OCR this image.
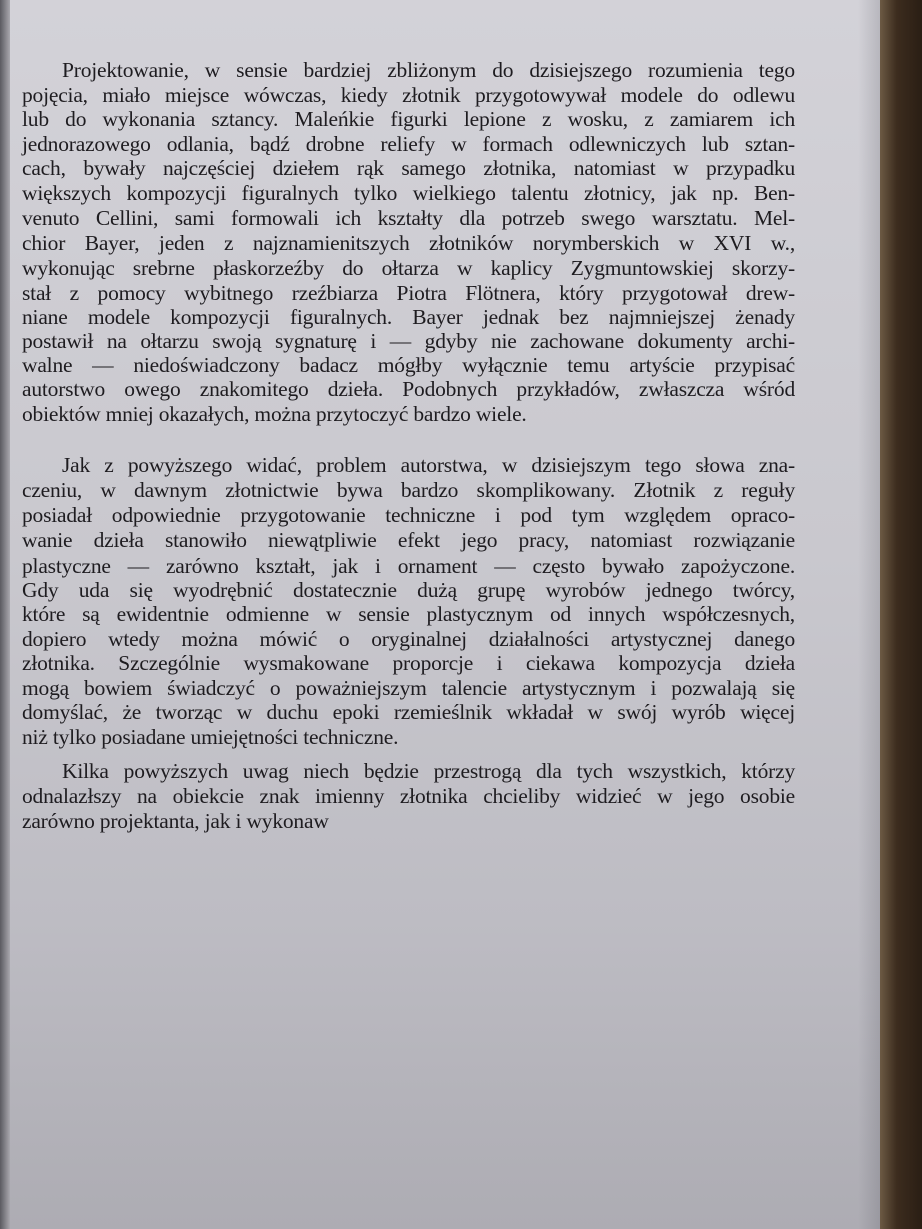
Projektowanie, w sensie bardziej zbliżonym do dzisiejszego rozumienia tego
pojęcia, miało miejsce wówczas, kiedy złotnik przygotowywał modele do odlewu
lub do wykonania sztancy. Maleńkie figurki lepione z wosku, z zamiarem ich
jednorazowego odlania, bądź drobne reliefy w formach odlewniczych lub sztan-
cach, bywały najczęściej dziełem rąk samego złotnika, natomiast w przypadku
większych kompozycji figuralnych tylko wielkiego talentu złotnicy, jak np. Ben-
venuto Cellini, sami formowali ich kształty dla potrzeb swego warsztatu. Mel-
chior Bayer, jeden z najznamienitszych złotników norymberskich w XVI w.,
wykonując srebrne płaskorzeźby do ołtarza w kaplicy Zygmuntowskiej skorzy-
stał z pomocy wybitnego rzeźbiarza Piotra Flötnera, który przygotował drew-
niane modele kompozycji figuralnych. Bayer jednak bez najmniejszej żenady
postawił na ołtarzu swoją sygnaturę i — gdyby nie zachowane dokumenty archi-
walne — niedoświadczony badacz mógłby wyłącznie temu artyście przypisać
autorstwo owego znakomitego dzieła. Podobnych przykładów, zwłaszcza wśród
obiektów mniej okazałych, można przytoczyć bardzo wiele.
Jak z powyższego widać, problem autorstwa, w dzisiejszym tego słowa zna-
czeniu, w dawnym złotnictwie bywa bardzo skomplikowany. Złotnik z reguły
posiadał odpowiednie przygotowanie techniczne i pod tym względem opraco-
wanie dzieła stanowiło niewątpliwie efekt jego pracy, natomiast rozwiązanie
plastyczne — zarówno kształt, jak i ornament — często bywało zapożyczone.
Gdy uda się wyodrębnić dostatecznie dużą grupę wyrobów jednego twórcy,
które są ewidentnie odmienne w sensie plastycznym od innych współczesnych,
dopiero wtedy można mówić o oryginalnej działalności artystycznej danego
złotnika. Szczególnie wysmakowane proporcje i ciekawa kompozycja dzieła
mogą bowiem świadczyć o poważniejszym talencie artystycznym i pozwalają się
domyślać, że tworząc w duchu epoki rzemieślnik wkładał w swój wyrób więcej
niż tylko posiadane umiejętności techniczne.
Kilka powyższych uwag niech będzie przestrogą dla tych wszystkich, którzy
odnalazłszy na obiekcie znak imienny złotnika chcieliby widzieć w jego osobie
zarówno projektanta, jak i wykonaw
